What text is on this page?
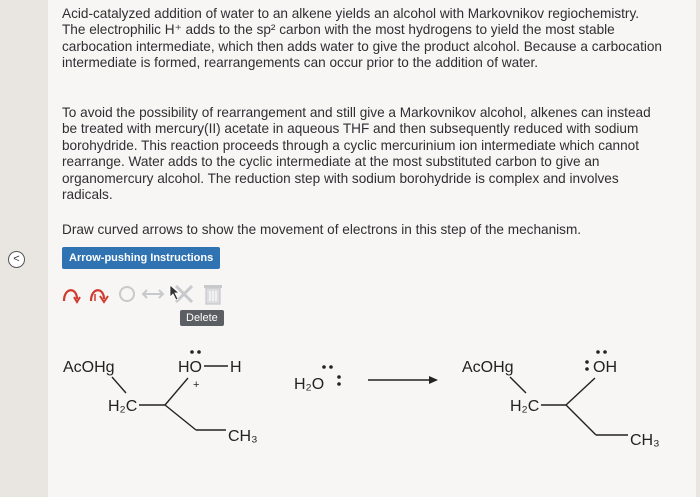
<

Acid-catalyzed addition of water to an alkene yields an alcohol with Markovnikov regiochemistry. The electrophilic H⁺ adds to the sp² carbon with the most hydrogens to yield the most stable carbocation intermediate, which then adds water to give the product alcohol. Because a carbocation intermediate is formed, rearrangements can occur prior to the addition of water.

To avoid the possibility of rearrangement and still give a Markovnikov alcohol, alkenes can instead be treated with mercury(II) acetate in aqueous THF and then subsequently reduced with sodium borohydride. This reaction proceeds through a cyclic mercurinium ion intermediate which cannot rearrange. Water adds to the cyclic intermediate at the most substituted carbon to give an organomercury alcohol. The reduction step with sodium borohydride is complex and involves radicals.

Draw curved arrows to show the movement of electrons in this step of the mechanism.

Arrow-pushing Instructions
Delete
AcOHg
H₂C
HO H
CH₃
+	H₂O
AcOHg
H₂C
OH
CH₃
